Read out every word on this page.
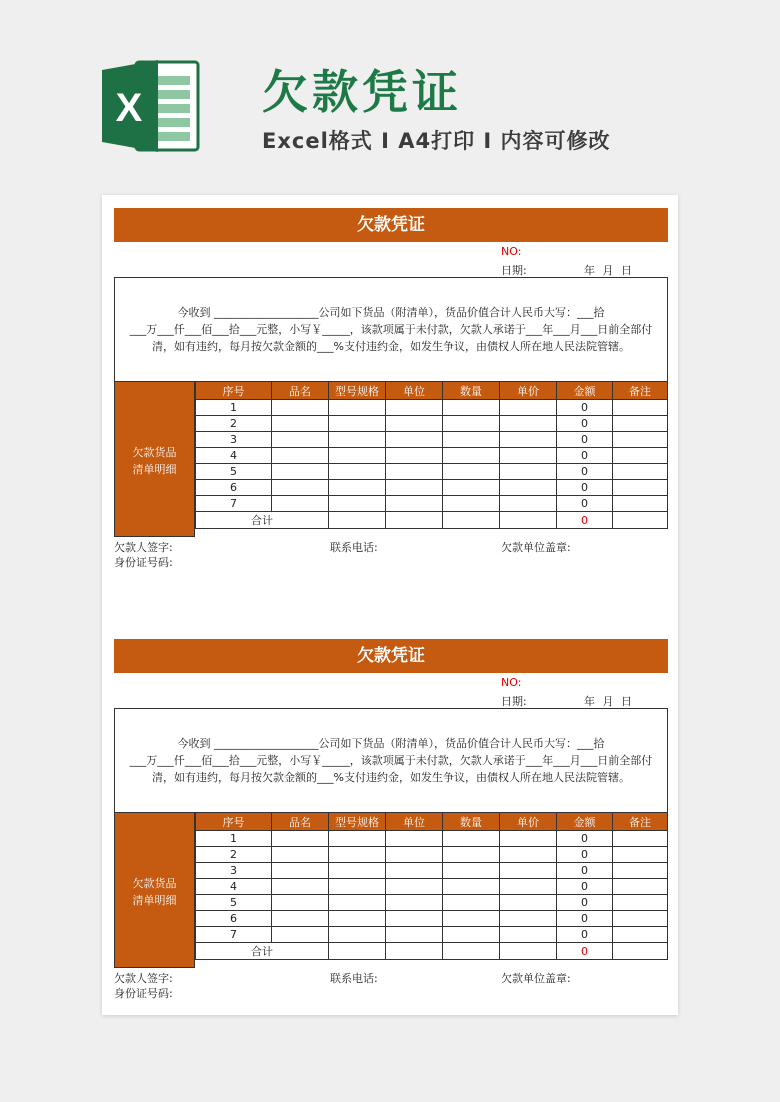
X	欠款凭证
Excel格式 I A4打印 I 内容可修改
欠款凭证
NO:
日期:	年 月 日

今收到 ___________________公司如下货品（附清单），货品价值合计人民币大写：___拾

___万___仟___佰___拾___元整，小写￥_____，该款项属于未付款，欠款人承诺于___年___月___日前全部付

清，如有违约，每月按欠款金额的___%支付违约金，如发生争议，由债权人所在地人民法院管辖。

欠款货品
清单明细
序号	品名	型号规格	单位	数量	单价	金额	备注
1						0	
2						0	
3						0	
4						0	
5						0	
6						0	
7						0	
合计						0	
欠款人签字:	联系电话:	欠款单位盖章:
身份证号码:
欠款凭证
NO:
日期:	年 月 日

今收到 ___________________公司如下货品（附清单），货品价值合计人民币大写：___拾

___万___仟___佰___拾___元整，小写￥_____，该款项属于未付款，欠款人承诺于___年___月___日前全部付

清，如有违约，每月按欠款金额的___%支付违约金，如发生争议，由债权人所在地人民法院管辖。

欠款货品
清单明细
序号	品名	型号规格	单位	数量	单价	金额	备注
1						0	
2						0	
3						0	
4						0	
5						0	
6						0	
7						0	
合计						0	
欠款人签字:	联系电话:	欠款单位盖章:
身份证号码:
